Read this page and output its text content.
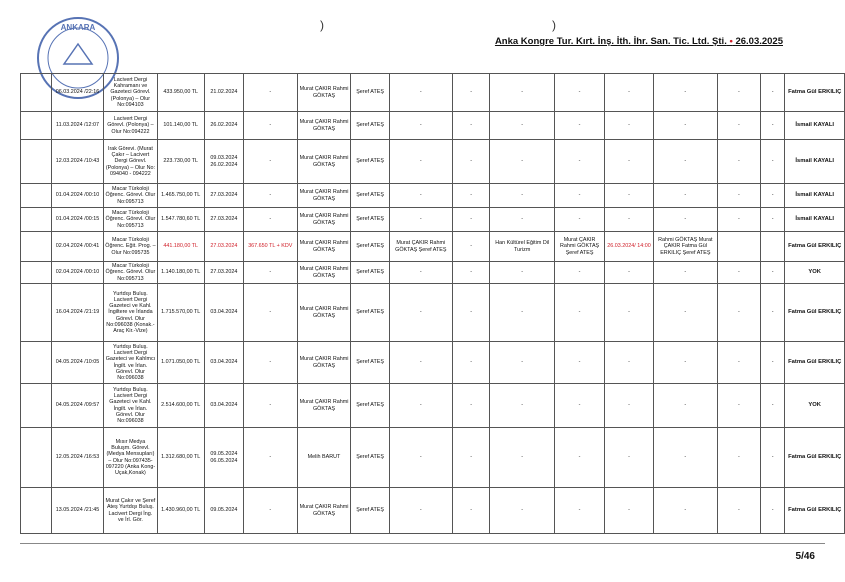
)	)
Anka Kongre Tur. Kırt. İnş. İth. İhr. San. Tic. Ltd. Şti. • 26.03.2025
ANKARA
	06.03.2024 /22:16	Lacivert Dergi Kahramanı ve Gazeteci Görevl. (Polonya) – Olur No:094103	433.950,00 TL	21.02.2024	-	Murat ÇAKIR Rahmi GÖKTAŞ	Şeref ATEŞ	-	-	-	-	-	-	-	-	Fatma Gül ERKILIÇ
	11.03.2024 /12:07	Lacivert Dergi Görevl. (Polonya) – Olur No:094222	101.140,00 TL	26.02.2024	-	Murat ÇAKIR Rahmi GÖKTAŞ	Şeref ATEŞ	-	-	-	-	-	-	-	-	İsmail KAYALI
	12.03.2024 /10:43	Irak Görevi. (Murat Çakır – Lacivert Dergi Görevl. (Polonya) – Olur No: 094040 - 094222	223.730,00 TL	09.03.2024 26.02.2024	-	Murat ÇAKIR Rahmi GÖKTAŞ	Şeref ATEŞ	-	-	-	-	-	-	-	-	İsmail KAYALI
	01.04.2024 /00:10	Macar Türkoloji Öğrenc. Görevl. Olur No:095713	1.465.750,00 TL	27.03.2024	-	Murat ÇAKIR Rahmi GÖKTAŞ	Şeref ATEŞ	-	-	-	-	-	-	-	-	İsmail KAYALI
	01.04.2024 /00:15	Macar Türkoloji Öğrenc. Görevl. Olur No:095713	1.547.780,60 TL	27.03.2024	-	Murat ÇAKIR Rahmi GÖKTAŞ	Şeref ATEŞ	-	-	-	-	-	-	-	-	İsmail KAYALI
	02.04.2024 /00:41	Macar Türkoloji Öğrenc. Eğit. Prog. – Olur No:095735	441.180,00 TL	27.03.2024	367.650 TL + KDV	Murat ÇAKIR Rahmi GÖKTAŞ	Şeref ATEŞ	Murat ÇAKIR Rahmi GÖKTAŞ Şeref ATEŞ	-	Han Kültürel Eğitim Dil Turizm	Murat ÇAKIR Rahmi GÖKTAŞ Şeref ATEŞ	26.03.2024/ 14:00	Rahmi GÖKTAŞ Murat ÇAKIR Fatma Gül ERKILIÇ Şeref ATEŞ			Fatma Gül ERKILIÇ
	02.04.2024 /00:10	Macar Türkoloji Öğrenc. Görevl. Olur No:095713	1.140.180,00 TL	27.03.2024	-	Murat ÇAKIR Rahmi GÖKTAŞ	Şeref ATEŞ	-	-	-	-	-	-	-	-	YOK
	16.04.2024 /21:19	Yurtdışı Buluş. Lacivert Dergi Gazeteci ve Kahl. İngiltere ve İrlanda Görevl. Olur No:096038 (Konak.-Araç Kir.-Vize)	1.715.570,00 TL	03.04.2024	-	Murat ÇAKIR Rahmi GÖKTAŞ	Şeref ATEŞ	-	-	-	-	-	-	-	-	Fatma Gül ERKILIÇ
	04.05.2024 /10:05	Yurtdışı Buluş. Lacivert Dergi Gazeteci ve Kahlmcı İngilt. ve İrlan. Görevl. Olur No:096038	1.071.050,00 TL	03.04.2024	-	Murat ÇAKIR Rahmi GÖKTAŞ	Şeref ATEŞ	-	-	-	-	-	-	-	-	Fatma Gül ERKILIÇ
	04.05.2024 /09:57	Yurtdışı Buluş. Lacivert Dergi Gazeteci ve Kahl. İngilt. ve İrlan. Görevl. Olur No:096038	2.514.600,00 TL	03.04.2024	-	Murat ÇAKIR Rahmi GÖKTAŞ	Şeref ATEŞ	-	-	-	-	-	-	-	-	YOK
	12.05.2024 /16:53	Mısır Medya Buluşm. Görevl. (Medya Mensupları) – Olur No:097435-097220 (Anka Kong-Uçak,Konak)	1.312.680,00 TL	09.05.2024 06.05.2024	-	Melih BARUT	Şeref ATEŞ	-	-	-	-	-	-	-	-	Fatma Gül ERKILIÇ
	13.05.2024 /21:45	Murat Çakır ve Şeref Ateş Yurtdışı Buluş. Lacivert Dergi İng. ve İrl. Gör.	1.430.960,00 TL	09.05.2024	-	Murat ÇAKIR Rahmi GÖKTAŞ	Şeref ATEŞ	-	-	-	-	-	-	-	-	Fatma Gül ERKILIÇ
5/46
